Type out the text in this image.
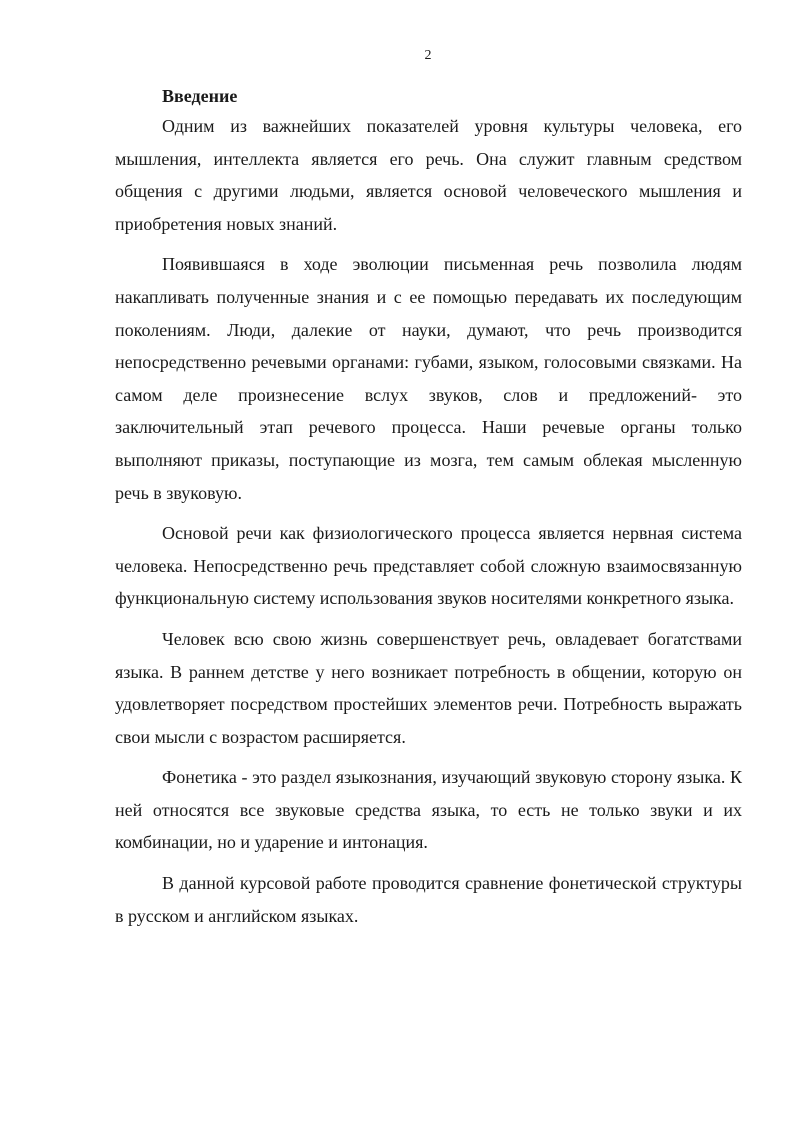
2
Введение

Одним из важнейших показателей уровня культуры человека, его мышления, интеллекта является его речь. Она служит главным средством общения с другими людьми, является основой человеческого мышления и приобретения новых знаний.

Появившаяся в ходе эволюции письменная речь позволила людям накапливать полученные знания и с ее помощью передавать их последующим поколениям. Люди, далекие от науки, думают, что речь производится непосредственно речевыми органами: губами, языком, голосовыми связками. На самом деле произнесение вслух звуков, слов и предложений- это заключительный этап речевого процесса. Наши речевые органы только выполняют приказы, поступающие из мозга, тем самым облекая мысленную речь в звуковую.

Основой речи как физиологического процесса является нервная система человека. Непосредственно речь представляет собой сложную взаимосвязанную функциональную систему использования звуков носителями конкретного языка.

Человек всю свою жизнь совершенствует речь, овладевает богатствами языка. В раннем детстве у него возникает потребность в общении, которую он удовлетворяет посредством простейших элементов речи. Потребность выражать свои мысли с возрастом расширяется.

Фонетика - это раздел языкознания, изучающий звуковую сторону языка. К ней относятся все звуковые средства языка, то есть не только звуки и их комбинации, но и ударение и интонация.

В данной курсовой работе проводится сравнение фонетической структуры в русском и английском языках.
